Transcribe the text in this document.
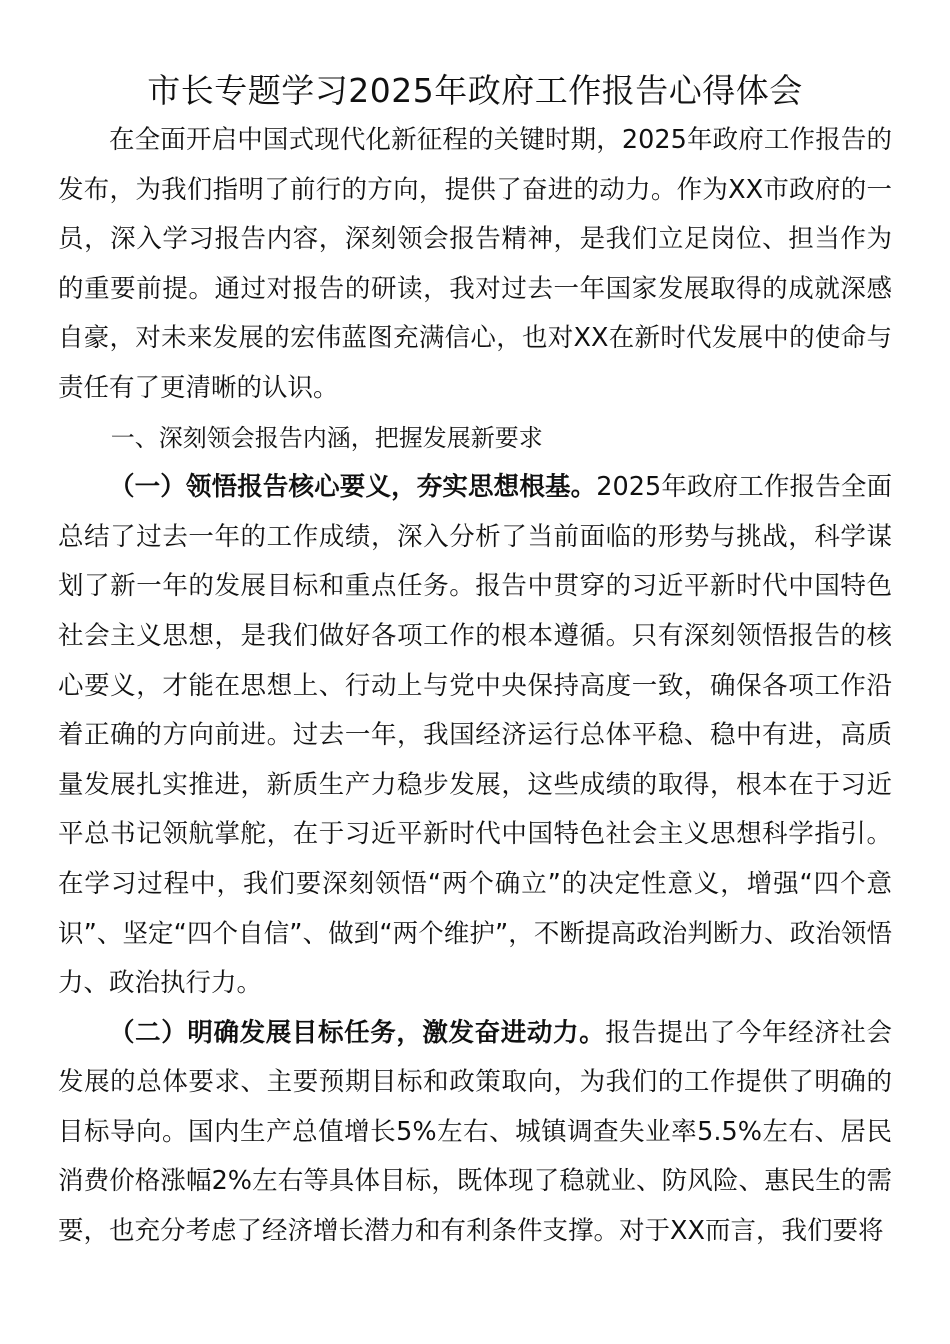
市长专题学习2025年政府工作报告心得体会

在全面开启中国式现代化新征程的关键时期，2025年政府工作报告的发布，为我们指明了前行的方向，提供了奋进的动力。作为XX市政府的一员，深入学习报告内容，深刻领会报告精神，是我们立足岗位、担当作为的重要前提。通过对报告的研读，我对过去一年国家发展取得的成就深感自豪，对未来发展的宏伟蓝图充满信心，也对XX在新时代发展中的使命与责任有了更清晰的认识。

一、深刻领会报告内涵，把握发展新要求

（一）领悟报告核心要义，夯实思想根基。2025年政府工作报告全面总结了过去一年的工作成绩，深入分析了当前面临的形势与挑战，科学谋划了新一年的发展目标和重点任务。报告中贯穿的习近平新时代中国特色社会主义思想，是我们做好各项工作的根本遵循。只有深刻领悟报告的核心要义，才能在思想上、行动上与党中央保持高度一致，确保各项工作沿着正确的方向前进。过去一年，我国经济运行总体平稳、稳中有进，高质量发展扎实推进，新质生产力稳步发展，这些成绩的取得，根本在于习近平总书记领航掌舵，在于习近平新时代中国特色社会主义思想科学指引。在学习过程中，我们要深刻领悟“两个确立”的决定性意义，增强“四个意识”、坚定“四个自信”、做到“两个维护”，不断提高政治判断力、政治领悟力、政治执行力。

（二）明确发展目标任务，激发奋进动力。报告提出了今年经济社会发展的总体要求、主要预期目标和政策取向，为我们的工作提供了明确的目标导向。国内生产总值增长5%左右、城镇调查失业率5.5%左右、居民消费价格涨幅2%左右等具体目标，既体现了稳就业、防风险、惠民生的需要，也充分考虑了经济增长潜力和有利条件支撑。对于XX而言，我们要将
